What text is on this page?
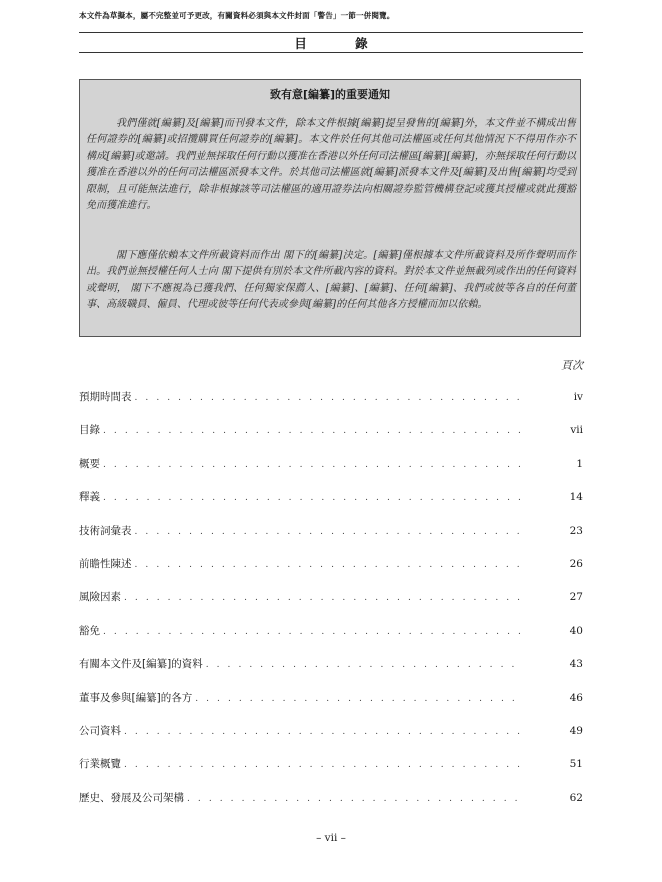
本文件為草擬本，屬不完整並可予更改，有關資料必須與本文件封面「警告」一節一併閱覽。
目 錄
致有意[編纂]的重要通知

我們僅就[編纂]及[編纂]而刊發本文件，除本文件根據[編纂]提呈發售的[編纂]外，本文件並不構成出售任何證券的[編纂]或招攬購買任何證券的[編纂]。本文件於任何其他司法權區或任何其他情況下不得用作亦不構成[編纂]或邀請。我們並無採取任何行動以獲准在香港以外任何司法權區[編纂][編纂]，亦無採取任何行動以獲准在香港以外的任何司法權區派發本文件。於其他司法權區就[編纂]派發本文件及[編纂]及出售[編纂]均受到限制，且可能無法進行，除非根據該等司法權區的適用證券法向相關證券監管機構登記或獲其授權或就此獲豁免而獲准進行。

閣下應僅依賴本文件所載資料而作出 閣下的[編纂]決定。[編纂]僅根據本文件所載資料及所作聲明而作出。我們並無授權任何人士向 閣下提供有別於本文件所載內容的資料。對於本文件並無載列或作出的任何資料或聲明， 閣下不應視為已獲我們、任何獨家保薦人、[編纂]、[編纂]、任何[編纂]、我們或彼等各自的任何董事、高級職員、僱員、代理或彼等任何代表或參與[編纂]的任何其他各方授權而加以依賴。

頁次
預期時間表 . . .	iv
目錄 . . .	vii
概要 . . .	1
釋義 . . .	14
技術詞彙表 . . .	23
前瞻性陳述 . . .	26
風險因素 . . .	27
豁免 . . .	40
有關本文件及[編纂]的資料 . . .	43
董事及參與[編纂]的各方 . . .	46
公司資料 . . .	49
行業概覽 . . .	51
歷史、發展及公司架構 . . .	62
– vii –
